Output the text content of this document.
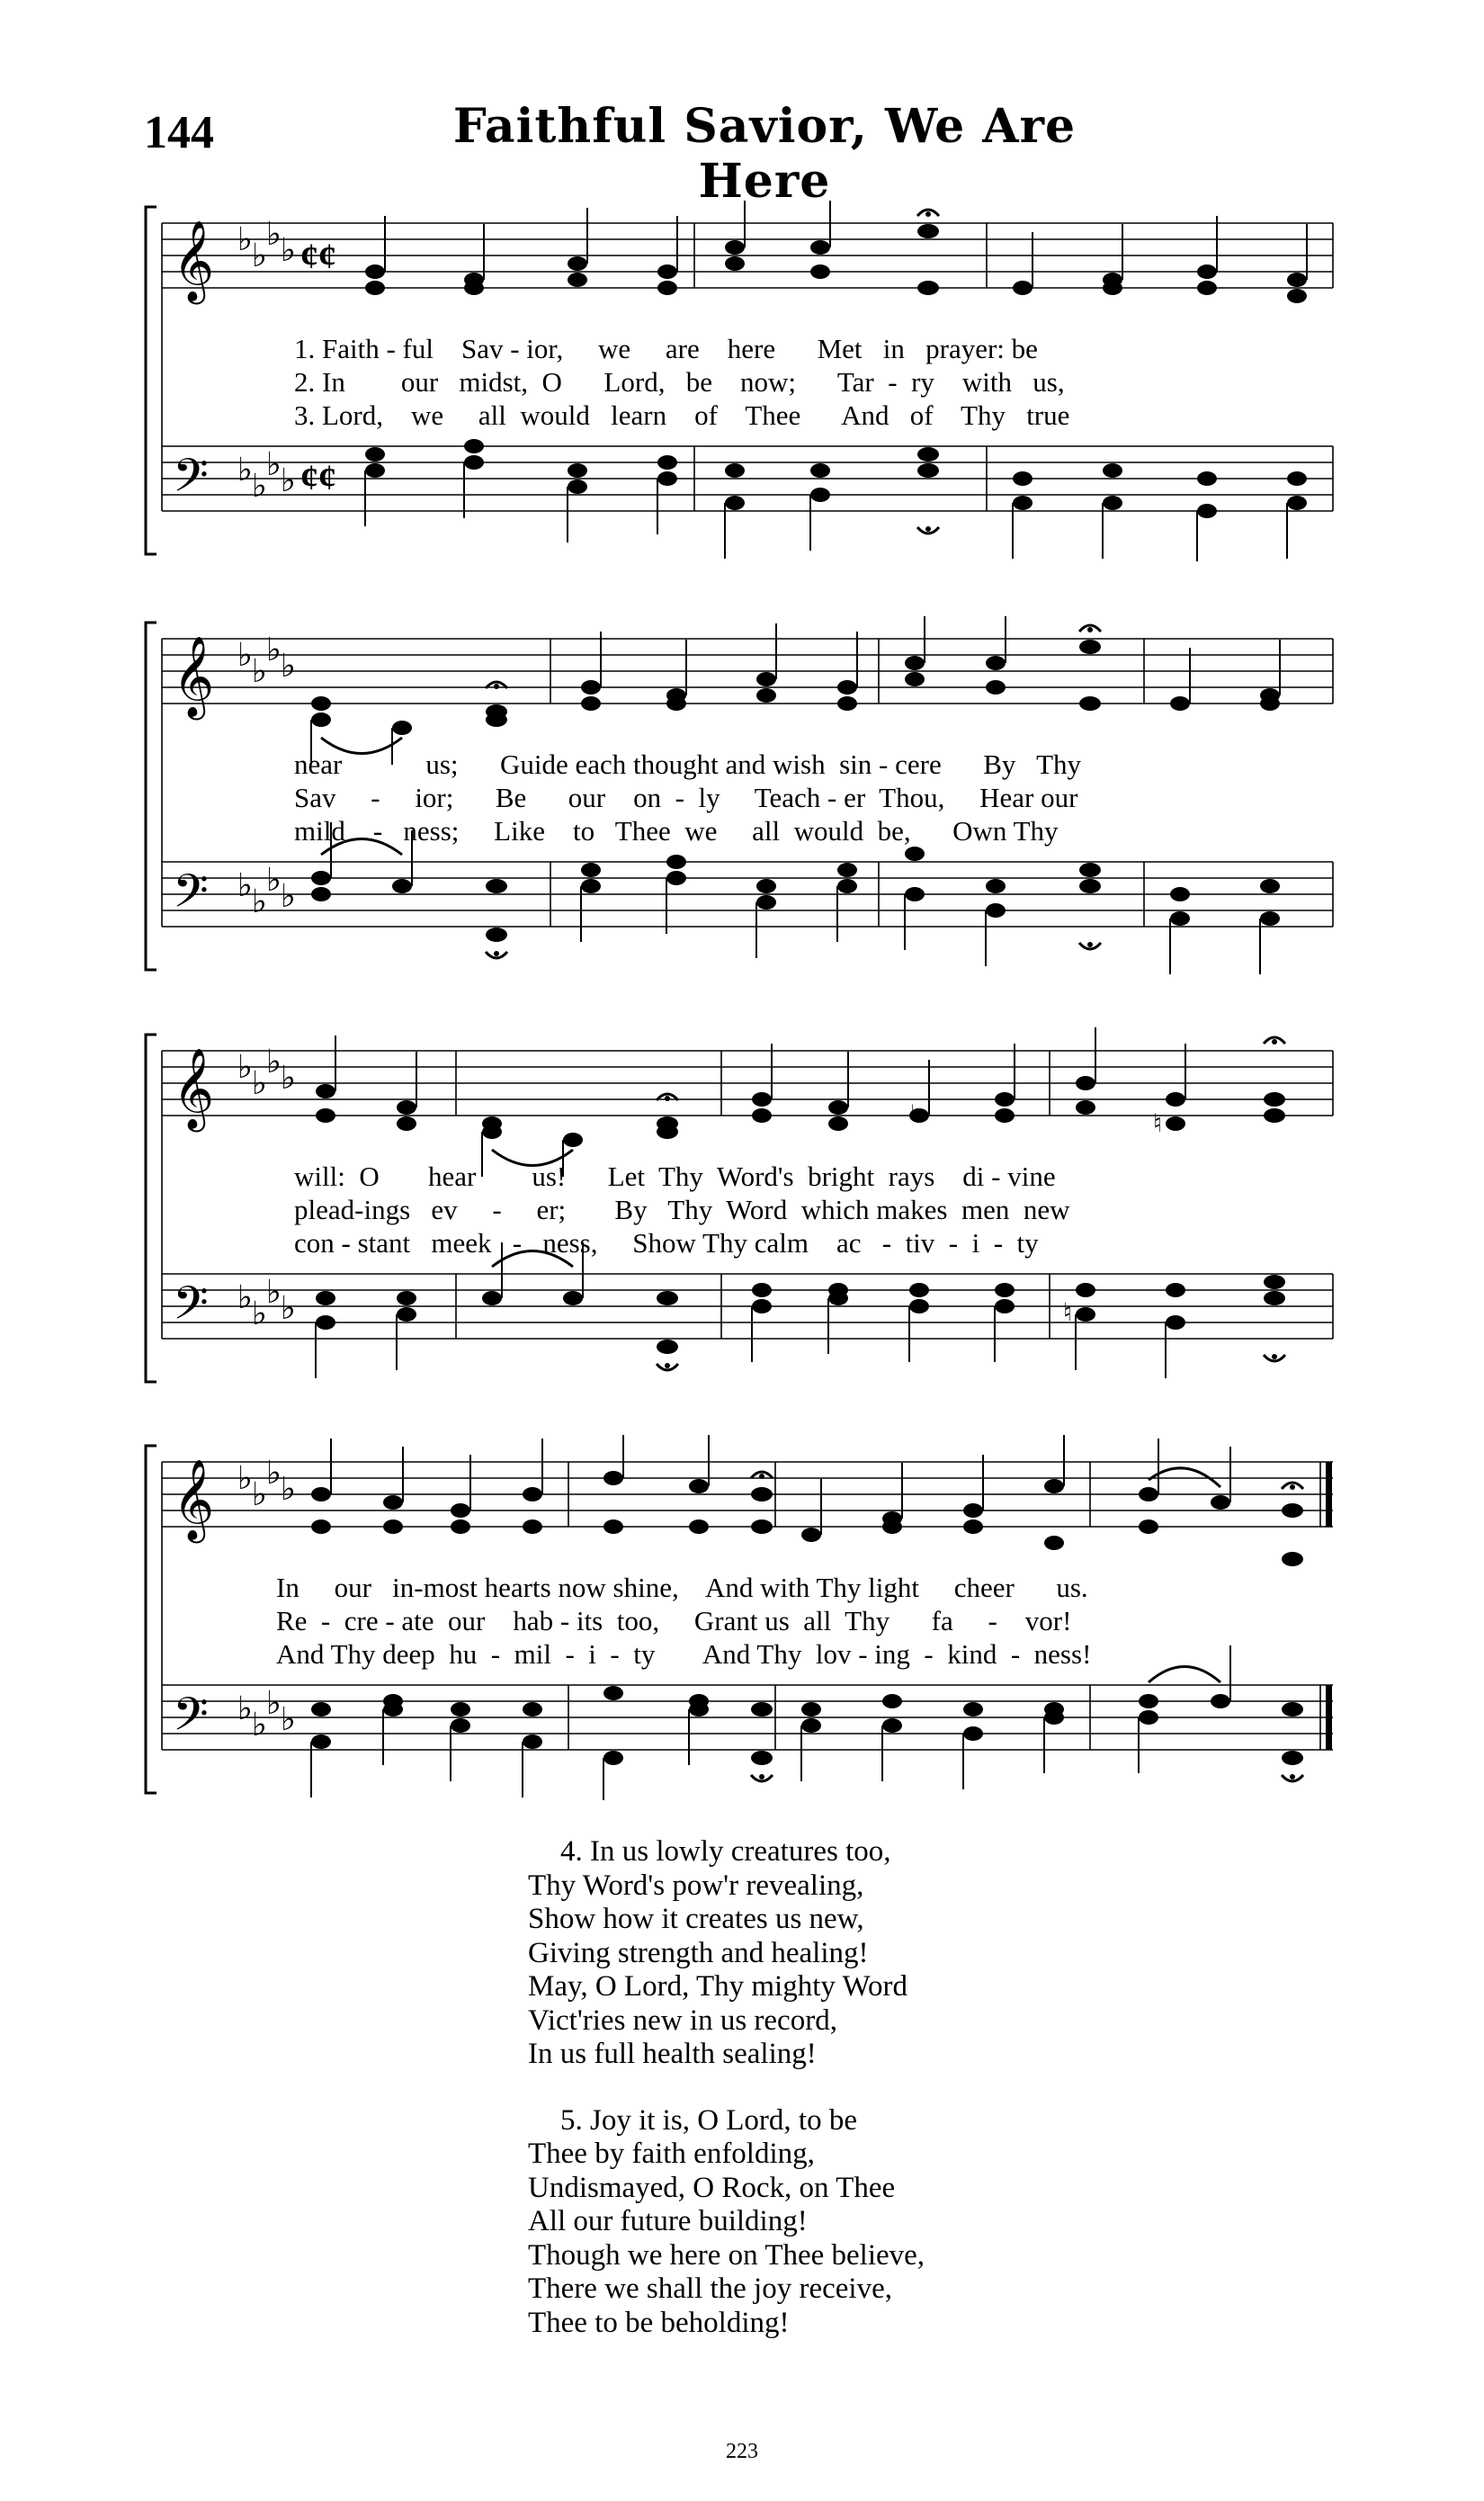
144	Faithful Savior, We Are Here
𝄞
𝄢
♭ ♭
♭ ♭
♭ ♭
♭ ♭
¢¢
¢¢
1. Faith - ful    Sav - ior,     we     are    here      Met   in   prayer: be
2. In        our   midst,  O      Lord,   be    now;      Tar  -  ry    with   us,
3. Lord,    we     all  would   learn    of    Thee      And   of    Thy   true
𝄞
𝄢
♭ ♭
♭ ♭
♭ ♭
♭ ♭
near            us;      Guide each thought and wish  sin - cere      By   Thy
Sav     -     ior;      Be      our    on  -  ly     Teach - er  Thou,     Hear our
mild    -   ness;     Like    to   Thee  we     all  would  be,      Own Thy
𝄞
𝄢
♭ ♭
♭ ♭
♭ ♭
♭ ♭
♮	♮
♮
will:  O       hear        us!      Let  Thy  Word's  bright  rays    di - vine
plead-ings   ev     -     er;       By   Thy  Word  which makes  men  new
con - stant   meek   -   ness,     Show Thy calm    ac   -  tiv  -  i  -  ty
𝄞
𝄢
♭ ♭
♭ ♭
♭ ♭
♭ ♭
In     our   in-most hearts now shine,    And with Thy light     cheer      us.
Re  -  cre - ate  our    hab - its  too,     Grant us  all  Thy      fa     -    vor!
And Thy deep  hu  -  mil  -  i  -  ty       And Thy  lov - ing  -  kind  -  ness!
4. In us lowly creatures too,
Thy Word's pow'r revealing,
Show how it creates us new,
Giving strength and healing!
May, O Lord, Thy mighty Word
Vict'ries new in us record,
In us full health sealing!
5. Joy it is, O Lord, to be
Thee by faith enfolding,
Undismayed, O Rock, on Thee
All our future building!
Though we here on Thee believe,
There we shall the joy receive,
Thee to be beholding!
223
